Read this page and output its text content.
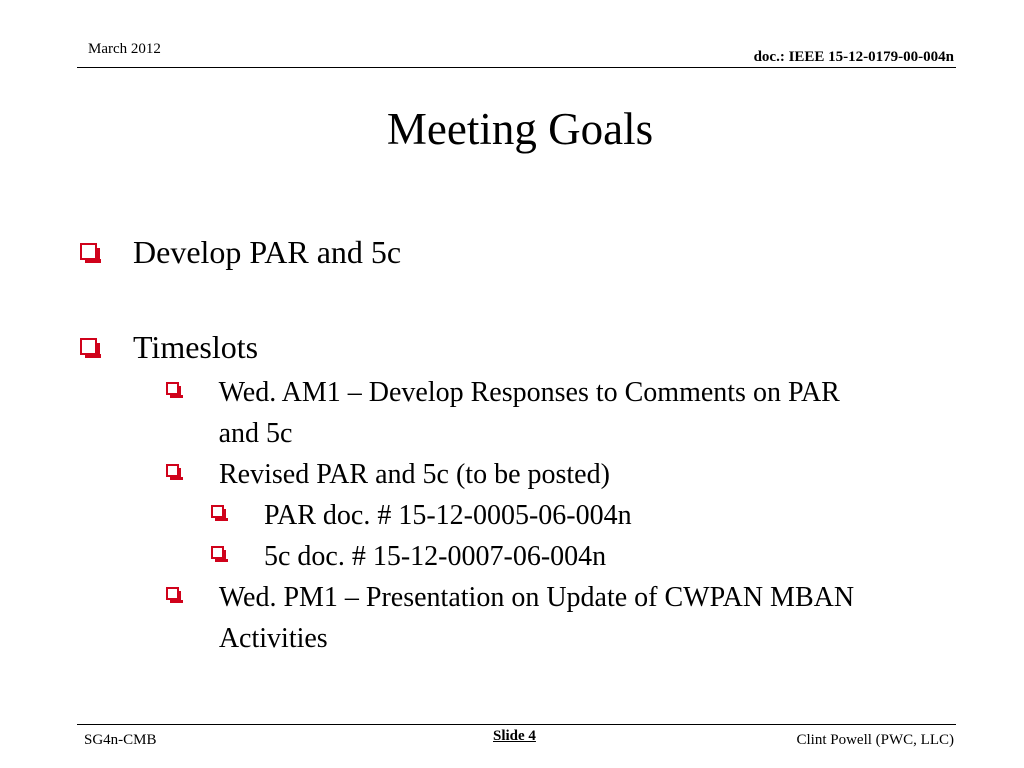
March 2012	doc.: IEEE 15-12-0179-00-004n
Meeting Goals
Develop PAR and 5c
Timeslots
Wed. AM1 – Develop Responses to Comments on PAR and 5c
Revised PAR and 5c (to be posted)
PAR doc. # 15-12-0005-06-004n
5c doc. # 15-12-0007-06-004n
Wed. PM1 – Presentation on Update of CWPAN MBAN Activities
SG4n-CMB	Slide 4	Clint Powell (PWC, LLC)
